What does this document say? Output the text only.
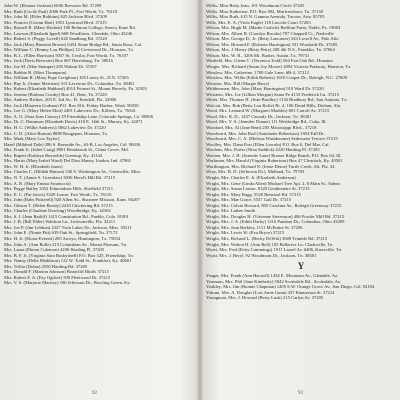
John W. (Eleanor Jackson) 6036 Brewster Rd. 37209
Mrs. Ruth (Cecile Paul) 2006 Park Pl., Fort Worth, Tx. 76110
Mrs. John M. (Elder Robbins) 825 Jackson Blvd. 37209
Mrs. Frances (Gwinn Hart) 1051 Lynwood Blvd. 37215
Mrs. Russell B. (Mary Hackett) 100 Belmont College, Searcy Kane Rd.
Mrs. Lawson (Elizabeth Ippel) 668 Woodlawn, Glendale, Ohio 45246
Mrs. Robert S. (Peggy Lovell) 620 Sandburg Rd. 37220
Mrs. Jack (Mary Binstein Brown) 6454 Stone Bridge Rd., Santa Rosa, Cal.
Mrs. William C. (Emmy Lou Phillips) 12 Crestwood Dr., Houston, Tx.
Mrs. B. L. (Ellen Harrison) 5037 St. Cecilia, Fort Worth, Tx. 76107
Mrs. Jack (Doris Brewster) Box 667 Harrisburg, Tn. 38016
Mrs. Joe M. (Mae Stamper) 205 Walnut Dr. 37207
Mrs. Robbie B. (Mort Thompson)
Mrs. William R. (Mary Pope Creighton) 105 Loney St., D.N. 37205
Mrs. Ray Jr. (Annie Mertiens) 313 Laveroux Dr., Columbia, Tn. 38401
Mrs. Robert (Elizabeth Hubbard) 4014 Poinset St., Mount Beverly, Pa. 32503
Mrs. Jerome (Barbara Crosby) Box 41, Bent, Tn. 37220
Mrs. Andrew Richter, 203 E. 3rd Av., Ft. Kendall, Fla. 32906
Mrs. Jack (Maureen Gorham) P.O. Box 816, Friday Harbor, Wash. 98250
Mrs. Lee G. (Mary Helen Mott) 2401 Lakeview Dr., Killeen, Tx. 76541
Mrs. A. O. (Sara Jean Conroy) 29 Friendship Lane, Colorado Springs, Co. 80906
Mrs. Dr. C. Dennison (Elizabeth Davis) 410 E. 16th St., Murray, Ky. 42071
Mrs. H. C. (Willie Andrews) 5062 Lakeview Dr. 37220
Mrs. C. D. (Alice Burton) 8080 Rougepan, Houston, Tx.
Mrs. Mark (Mary Lou Taylor)
Hazel (Mildred Dale) 286 S. Burnside Av., #3-B, Los Angeles, Cal. 90036
Mrs. Frank Jr. (Juliet Craig) 8901 Briarbrook St., China Grove, Md.
Mrs. Rupert (Kathryn Reynolds) Greenup, Ky. 41144
Mrs. Harris (Mary Isabel Ward) Del Dios Manor, Lindon, Ind. 47965
Mrs. W. H. Jr. (Elizabeth Jones)
Mrs. Charles C. (Hildah Hinson) 536 S. Washington Av., Greenville, Miss.
Mrs. N. T. (Annie S. Greenlaw) 3036 Hood's Hill Rd. 37215
Mrs. A. R. (Mary Emma Swanscott)
Mrs. Pegge Bailey 3352 Edmondson Hills, Sheffield 37211
Mrs. E. C. (Pat Jarvis) 3329 Lustre, Fort Worth, Tx. 76116
Mrs. John (Babs Pickerell) 920 Allen Av., Shawnee Mission, Kans. 66207
Mrs. Gibson T. (Helen Beasly) 2410 Chickering Rd. 37215
Mrs. Charles (Charlene Dowling) Woodbridge, Ky. 42302
Mrs. S. J. (Jean Ratliff) 1415 Constitution Rd., Pueblo, Colo. 81001
Mrs. J. B. (Bill Elder) Waldron Ln., Jacksonville, Fla. 32211
Mrs. Joe P. (Jim Lebbon) 2327 Twin Lakes Dr., Jackson, Miss. 39211
Mrs. John E. (Nonie Pitt) 639 Oak St., Springfield, Tn. 37172
Mrs. H. Jr. (Eloise Everett) 285 Arroyo, Huntington, Tx. 75034
Mrs. John A. (Ann Rolle) 215 Columbian Av., Mount Pleasant, Tn.
Mrs. Laura (Elnora Colemon) 4206 Harding Pl. 37205
Mrs. B. F. Jr. (Virginia Sara Bosbyshell) P.O. Box 325, Friendship, Tn.
Mrs. Nanny (Della Maddison) 122 W. Todd St., Frankfort, Ky. 40601
Mrs. Trillia (Dolan) 4550 Harding Rd. 37205
Mrs. Donald F. (Marion Johnson) Briarcliff Bluffs 37215
Mrs. Robert F. Jr. (Fay Ogilvie) 509 Fleetwood Dr. 37215
Mrs. V. S. (Marjorie Mackey) 106 Jefferson Dr., Bowling Green, Ky.
92
Willis, Miss Betty Jean, 101 Woodmont Circle 37205
Willis, Miss Katherine, P.O. Box 902, Murfreesboro, Tn. 37130
Willis, Miss Ruth, 615 N. Gamma Avenida, Tucson, Ariz. 85705
Wills, Mrs. E. A. (Viola Engle) 118 Lincoln Court 37205
Wilson, Mrs. Hugh M. (Mattie Carlisle) Bedfont Farm, Noble, Pa. 19004
Wilson, Mrs. Albert B. (Carolyn Brooks) 707 Chappell Ct., Nashville
Wilson, Mrs. George D., Jr. (Betty Lancaster) 543 Lowell Av., Palo Alto
Wilson, Mrs. Howard F. (Roberta Harrington) 331 Woodside Dr. 37205
Wilson, Mrs. J. Henry (Betty Petty) 208 4th N.S., Franklin, Tn. 37064
Wilson, Mrs. W. B., 3206 Mt. Barker, Austin, Tx. 78731
Winfield, Mrs. Glenn C. (Veronica Todd) 564 Fair Oak Rd., Houston
Winger, Mrs. Richard (Susan Joy Moore) 2094 Victoria Parkway, Houston, Tx.
Winslow, Mrs. Catherine, 1700 Gale Lane, #B-2, 37212
Winslow, Mrs. Willie (Edith Roberts) 1616 Cooper Dr., Raleigh, N.C. 27609
Winston, Mrs. Bill (Margie Barry)
Withhesmen, Mrs. John (Mary Harrington) 910 Ward Dr. 37220
Wittstein, Mrs. Joe (Lillian Morgan) Santa Fe 4133 Frederick Ln. 37215
Witter, Mrs. Thomas H. (Jean Bradley) 1136 Bradbury Rd., San Antonio, Tx.
Wolcott, Mrs. Bob (Betty Lou Rolfe) Rt. 4, 106 Druid Hills, Dothan, Ala.
Wood, Mrs. Leonard W. (Margaret Marbles) 601 Carroll Av. 37215
Wood, Mrs. R. D., 1437 Cassady Dr., Jackson, Tn. 38301
Wood, Mrs. Y. S. (Jennifer Dunne) 111 Westbridge Rd., Cuba, Ill.
Woodard, Mrs. Al (Jane Bent) 205 Mississippi Blvd., 37218
Woodward, Mrs. John Rod (Antoinette Robertson) 1954 Fall Dr.
Woodward, Mrs. C. A. (Melissa Washbourne) Sedewater Terrace 37215
Woolley, Mrs. Dana Post (Ellen Lincoln) P.O. Box 6, Del Mar, Cal.
Woolens, Mrs. Porter (Nina Saddick) 4220 Harding Pl. 37205
Wooten, Mrs. J. H. (Jeanette Lane) Bronze Ridge Ranch, P.O. Box 64, Ill.
Workman, Mrs. Harold (Virginia Robertson) Box 47 Clearfork, Ky. 40501
Worthington, Mrs. Richard N. (Irene Deroe) Turtle Creek, Alt. Fla. 34
Wray, Mrs. B. D. (Jefferson Dr.), Midland, Tx. 79703
Wright, Mrs. Charles E. Jr. (Elizabeth Anderson)
Wright, Mrs. Gene (Linda Allen) Michael Tree Apt. 2, 6 Main St., Salem
Wright, Mrs. Susan Louise, 8120 Gentlemeire St. 37215
Wright, Mrs. Mary Ragg, 5520 Benstool Rd. 37215
Wright, Mrs. Mae Grace, 5537 Gail Dr. 37215
Wright, Mrs. Calvin Howard, 805 Carolina Av., Raleigh Greenway 37215
Wright, Mrs. Luther Smith
Wright, Mrs. Douglas H. (Vivienne Stevenson) 406 Fowler Mill Rd. 37215
Wright, Mrs. J. A. (Edith Darby) 1216 Pandara Dr., Columbus, Ohio 43209
Wright, Mrs. Jean Berkley, 1111 McEntire St. 37206
Wright, Mrs. Lewis W. (Eva Bryce) 37215
Wright, Mrs. Richard L. (Becky DeWitt) 3609 Trimble Rd. 37215
Wright, Mrs. Walton H. (Ann Bell) 105 Bellerive Ln. Clarksville, Tn.
Wyatt, Mrs. Fred (Kitty Cummings) 1911 Laurel Av. #406, Knoxville, Tn.
Wyatt, Mrs. J. Beryl, 92 Woodmont Dr., Jackson, Tn. 38301
Y
Yeager, Mrs. Frank (Ann Harwell) 1434 E. Mountain Av., Glendale, Az.
Yeomans, Mrs. Phil (Jane Kimberly) 5842 Scottsdale Rd., Scottsdale, Az.
Yoakley, Mrs. Jim (Bonnie Chapman) 1205 S.W. Orange Grove Av., San Diego, Cal. 92104
Yokum, Mrs. A. Douglas (Lois Anne Gunn) 337 Emmerson St. 37214
Youngman, Mrs. J. Howard (Betsy Lusk) 215 Carlyn Av. 37205
93
